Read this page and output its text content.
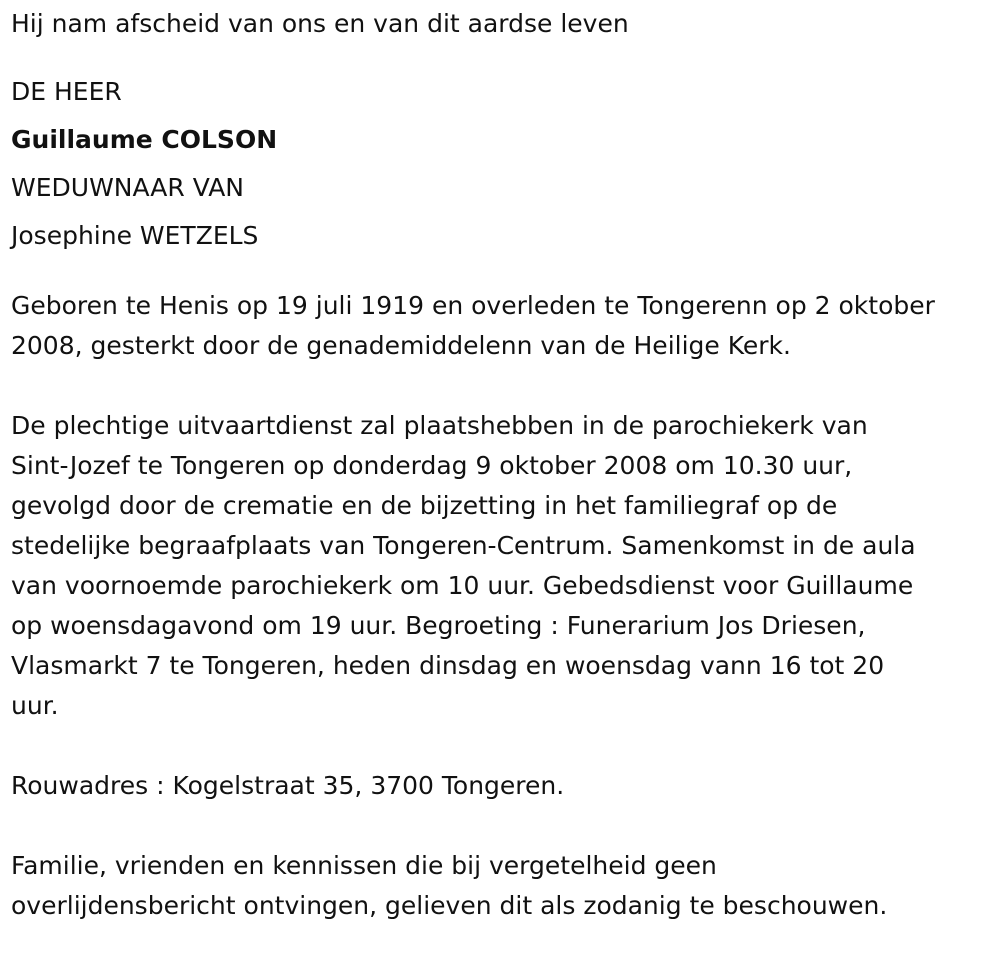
Hij nam afscheid van ons en van dit aardse leven
DE HEER
Guillaume COLSON
WEDUWNAAR VAN
Josephine WETZELS
Geboren te Henis op 19 juli 1919 en overleden te Tongerenn op 2 oktober
2008, gesterkt door de genademiddelenn van de Heilige Kerk.
De plechtige uitvaartdienst zal plaatshebben in de parochiekerk van
Sint-Jozef te Tongeren op donderdag 9 oktober 2008 om 10.30 uur,
gevolgd door de crematie en de bijzetting in het familiegraf op de
stedelijke begraafplaats van Tongeren-Centrum. Samenkomst in de aula
van voornoemde parochiekerk om 10 uur. Gebedsdienst voor Guillaume
op woensdagavond om 19 uur. Begroeting : Funerarium Jos Driesen,
Vlasmarkt 7 te Tongeren, heden dinsdag en woensdag vann 16 tot 20
uur.
Rouwadres : Kogelstraat 35, 3700 Tongeren.
Familie, vrienden en kennissen die bij vergetelheid geen
overlijdensbericht ontvingen, gelieven dit als zodanig te beschouwen.
